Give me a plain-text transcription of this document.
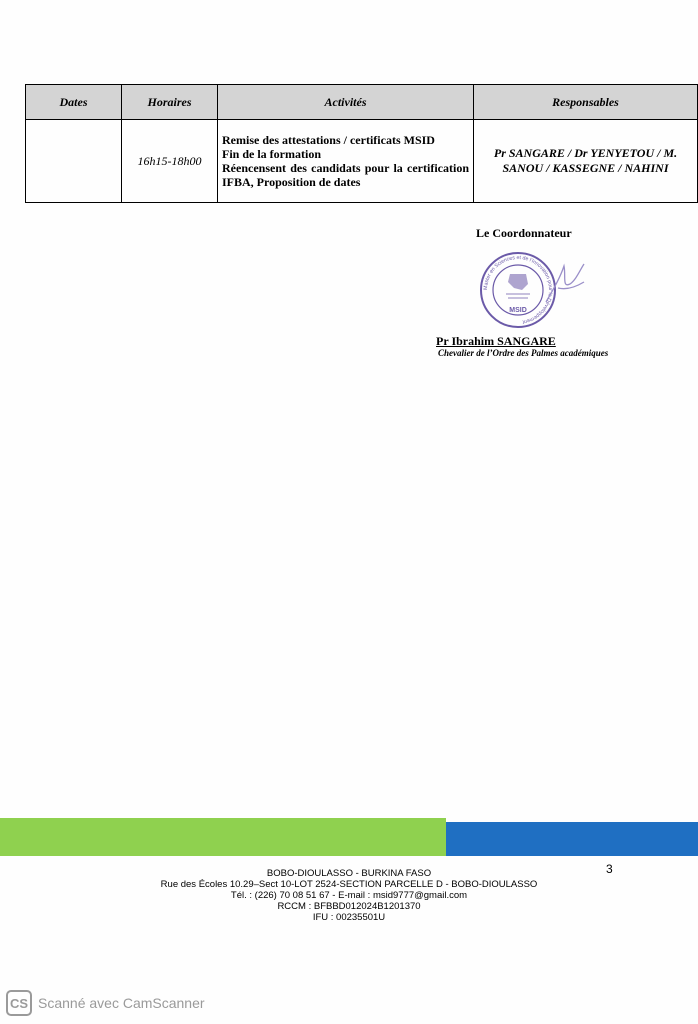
Dates	Horaires	Activités	Responsables
	16h15-18h00	Remise des attestations / certificats MSID
Fin de la formation
Réencensent des candidats pour la certification
IFBA, Proposition de dates	Pr SANGARE / Dr YENYETOU / M.
SANOU / KASSEGNE / NAHINI
Le Coordonnateur
Master en Sciences et de l'Innovation pour le Développement
MSID
Pr Ibrahim SANGARE
Chevalier de l’Ordre des Palmes académiques
3
BOBO-DIOULASSO - BURKINA FASO
Rue des Écoles 10.29–Sect 10-LOT 2524-SECTION PARCELLE D - BOBO-DIOULASSO
Tél. : (226) 70 08 51 67 - E-mail : msid9777@gmail.com
RCCM : BFBBD012024B1201370
IFU : 00235501U
CS Scanné avec CamScanner
